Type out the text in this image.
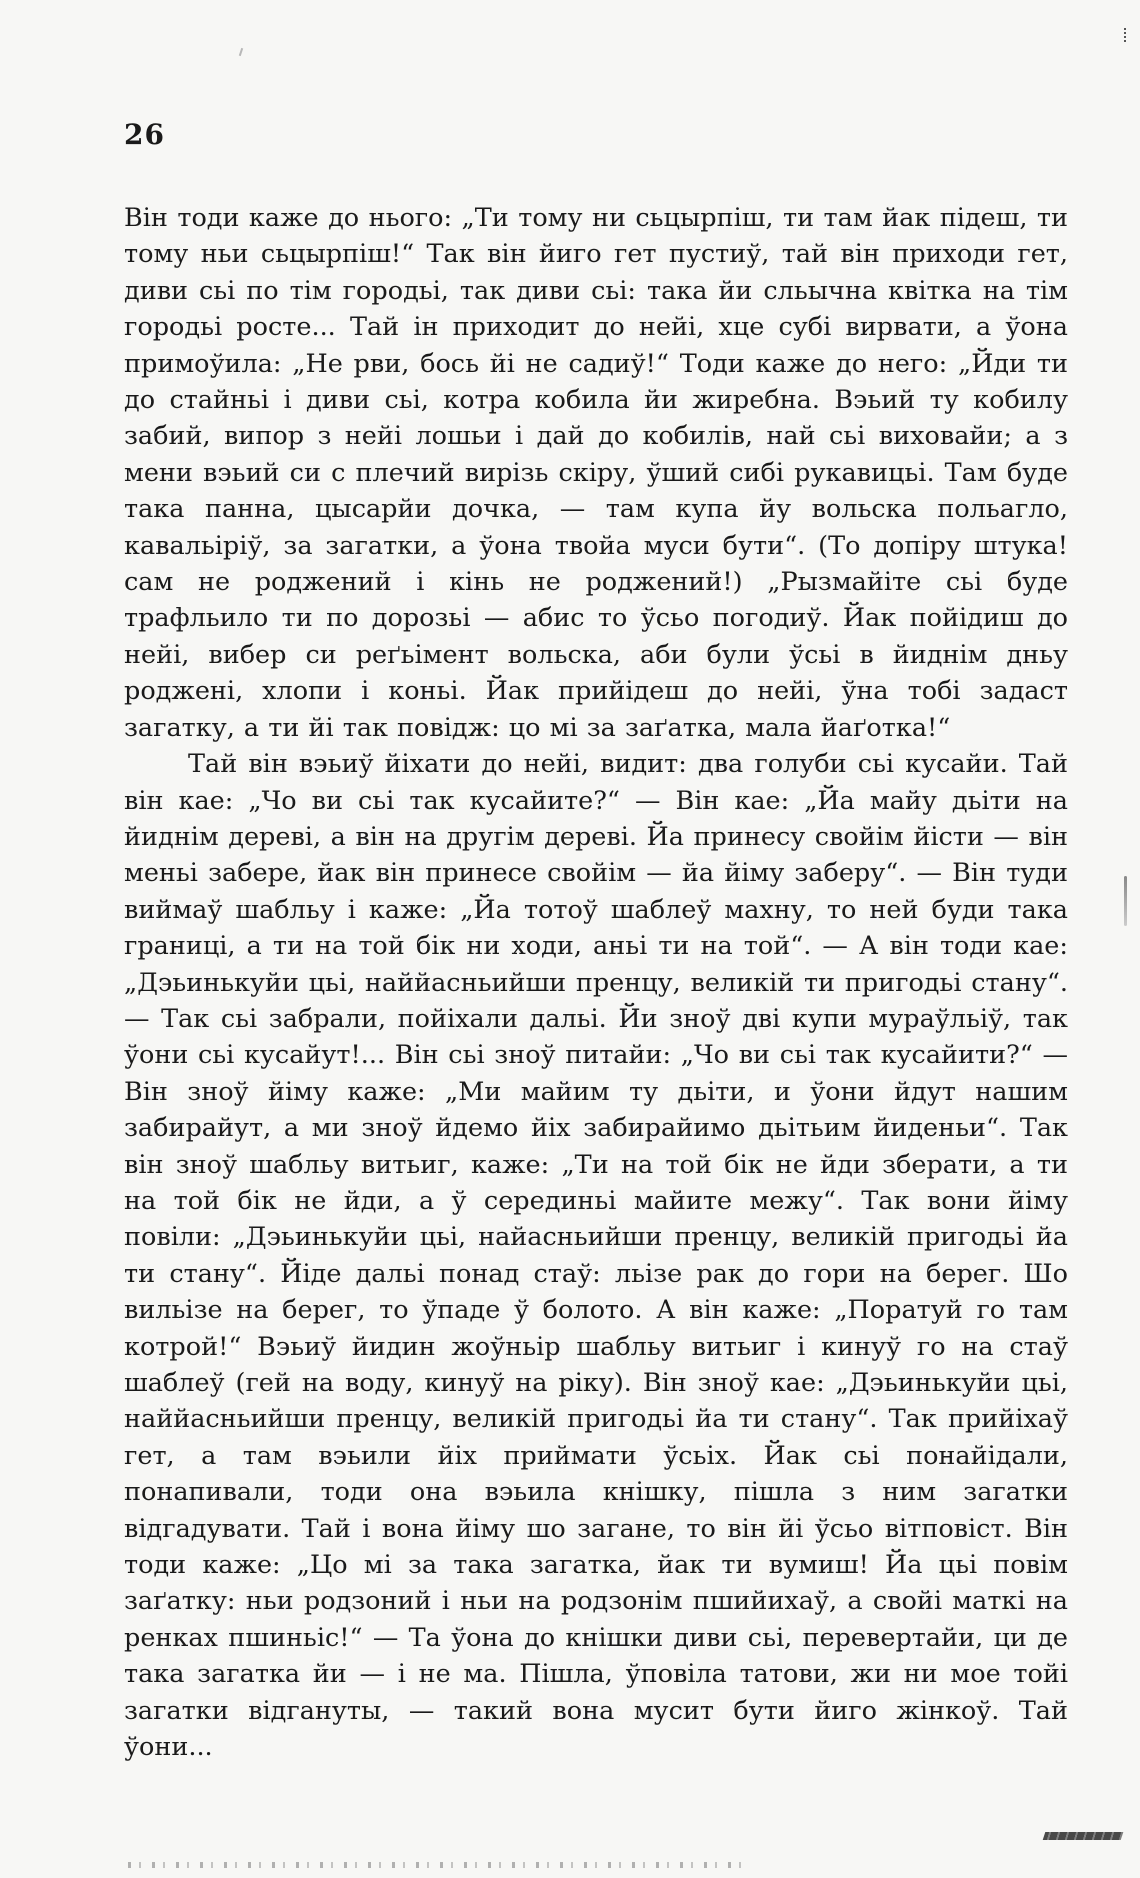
26

Він тоди каже до нього: „Ти тому ни сьцырпіш, ти там йак підеш, ти тому ньи сьцырпіш!“ Так він йиго гет пустиў, тай він приходи гет, диви сьі по тім городьі, так диви сьі: така йи сльычна квітка на тім городьі росте... Тай ін приходит до нейі, хце субі вирвати, а ўона примоўила: „Не рви, бось йі не садиў!“ Тоди каже до него: „Йди ти до стайньі і диви сьі, котра кобила йи жиребна. Вэьий ту кобилу забий, випор з нейі лошьи і дай до кобилів, най сьі виховайи; а з мени вэьий си с плечий вирізь скіру, ўший сибі рукавицьі. Там буде така панна, цысарйи дочка, — там купа йу вольска польагло, кавальіріў, за загатки, а ўона твойа муси бути“. (То допіру штука! сам не роджений і кінь не роджений!) „Рызмайіте сьі буде трафльило ти по дорозьі — абис то ўсьо погодиў. Йак пойідиш до нейі, вибер си реґьімент вольска, аби були ўсьі в йиднім дньу роджені, хлопи і коньі. Йак прийідеш до нейі, ўна тобі задаст загатку, а ти йі так повідж: цо мі за заґатка, мала йаґотка!“

Тай він вэьиў йіхати до нейі, видит: два голуби сьі кусайи. Тай він кае: „Чо ви сьі так кусайите?“ — Він кае: „Йа майу дьіти на йиднім дереві, а він на другім дереві. Йа принесу свойім йісти — він меньі забере, йак він принесе свойім — йа йіму заберу“. — Він туди виймаў шабльу і каже: „Йа тотоў шаблеў махну, то ней буди така границі, а ти на той бік ни ходи, аньі ти на той“. — А він тоди кае: „Дэьинькуйи цьі, наййасньийши пренцу, великій ти пригодьі стану“. — Так сьі забрали, пойіхали дальі. Йи зноў дві купи мураўльіў, так ўони сьі кусайут!... Він сьі зноў питайи: „Чо ви сьі так кусайити?“ — Він зноў йіму каже: „Ми майим ту дьіти, и ўони йдут нашим забирайут, а ми зноў йдемо йіх забирайимо дьітьим йиденьи“. Так він зноў шабльу витьиг, каже: „Ти на той бік не йди зберати, а ти на той бік не йди, а ў серединьі майите межу“. Так вони йіму повіли: „Дэьинькуйи цьі, найасньийши пренцу, великій пригодьі йа ти стану“. Йіде дальі понад стаў: льізе рак до гори на берег. Шо вильізе на берег, то ўпаде ў болото. А він каже: „Поратуй го там котрой!“ Вэьиў йидин жоўньір шабльу витьиг і кинуў го на стаў шаблеў (гей на воду, кинуў на ріку). Він зноў кае: „Дэьинькуйи цьі, наййасньийши пренцу, великій пригодьі йа ти стану“. Так прийіхаў гет, а там вэьили йіх приймати ўсьіх. Йак сьі понайідали, понапивали, тоди она вэьила кнішку, пішла з ним загатки відгадувати. Тай і вона йіму шо загане, то він йі ўсьо вітповіст. Він тоди каже: „Цо мі за така загатка, йак ти вумиш! Йа цьі повім заґатку: ньи родзоний і ньи на родзонім пшийихаў, а свойі маткі на ренках пшиньіс!“ — Та ўона до кнішки диви сьі, перевертайи, ци де така загатка йи — і не ма. Пішла, ўповіла татови, жи ни мое тойі загатки відгануты, — такий вона мусит бути йиго жінкоў. Тай ўони...
